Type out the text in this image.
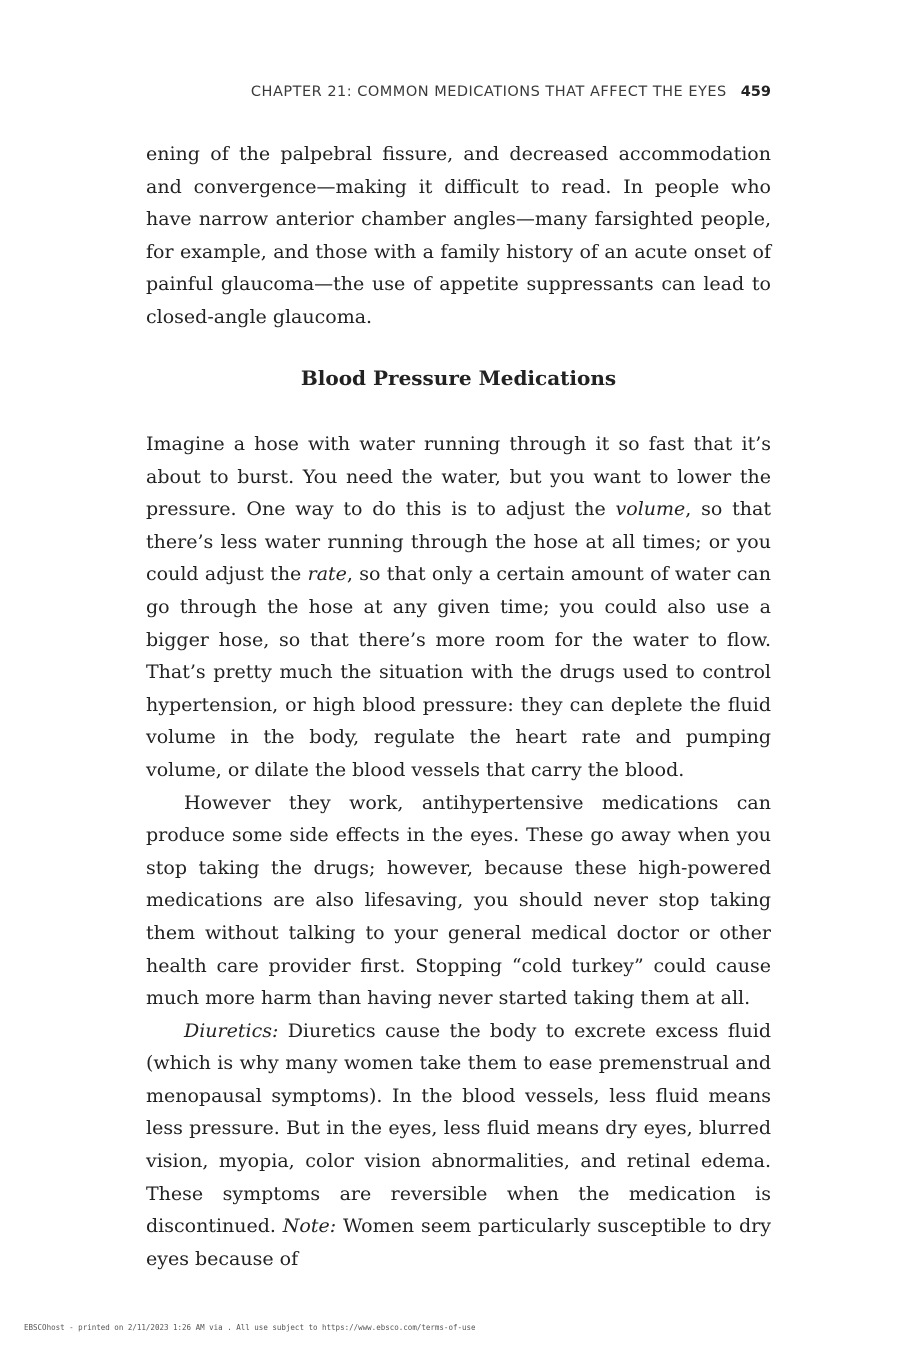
CHAPTER 21: COMMON MEDICATIONS THAT AFFECT THE EYES 459

ening of the palpebral fissure, and decreased accommodation and convergence—making it difficult to read. In people who have narrow anterior chamber angles—many farsighted people, for example, and those with a family history of an acute onset of painful glaucoma—the use of appetite suppressants can lead to closed-angle glaucoma.

Blood Pressure Medications

Imagine a hose with water running through it so fast that it’s about to burst. You need the water, but you want to lower the pressure. One way to do this is to adjust the volume, so that there’s less water running through the hose at all times; or you could adjust the rate, so that only a certain amount of water can go through the hose at any given time; you could also use a bigger hose, so that there’s more room for the water to flow. That’s pretty much the situation with the drugs used to control hypertension, or high blood pressure: they can deplete the fluid volume in the body, regulate the heart rate and pumping volume, or dilate the blood vessels that carry the blood.

However they work, antihypertensive medications can produce some side effects in the eyes. These go away when you stop taking the drugs; however, because these high-powered medications are also lifesaving, you should never stop taking them without talking to your general medical doctor or other health care provider first. Stopping “cold turkey” could cause much more harm than having never started taking them at all.

Diuretics: Diuretics cause the body to excrete excess fluid (which is why many women take them to ease premenstrual and menopausal symptoms). In the blood vessels, less fluid means less pressure. But in the eyes, less fluid means dry eyes, blurred vision, myopia, color vision abnormalities, and retinal edema. These symptoms are reversible when the medication is discontinued. Note: Women seem particularly susceptible to dry eyes because of

EBSCOhost - printed on 2/11/2023 1:26 AM via . All use subject to https://www.ebsco.com/terms-of-use
